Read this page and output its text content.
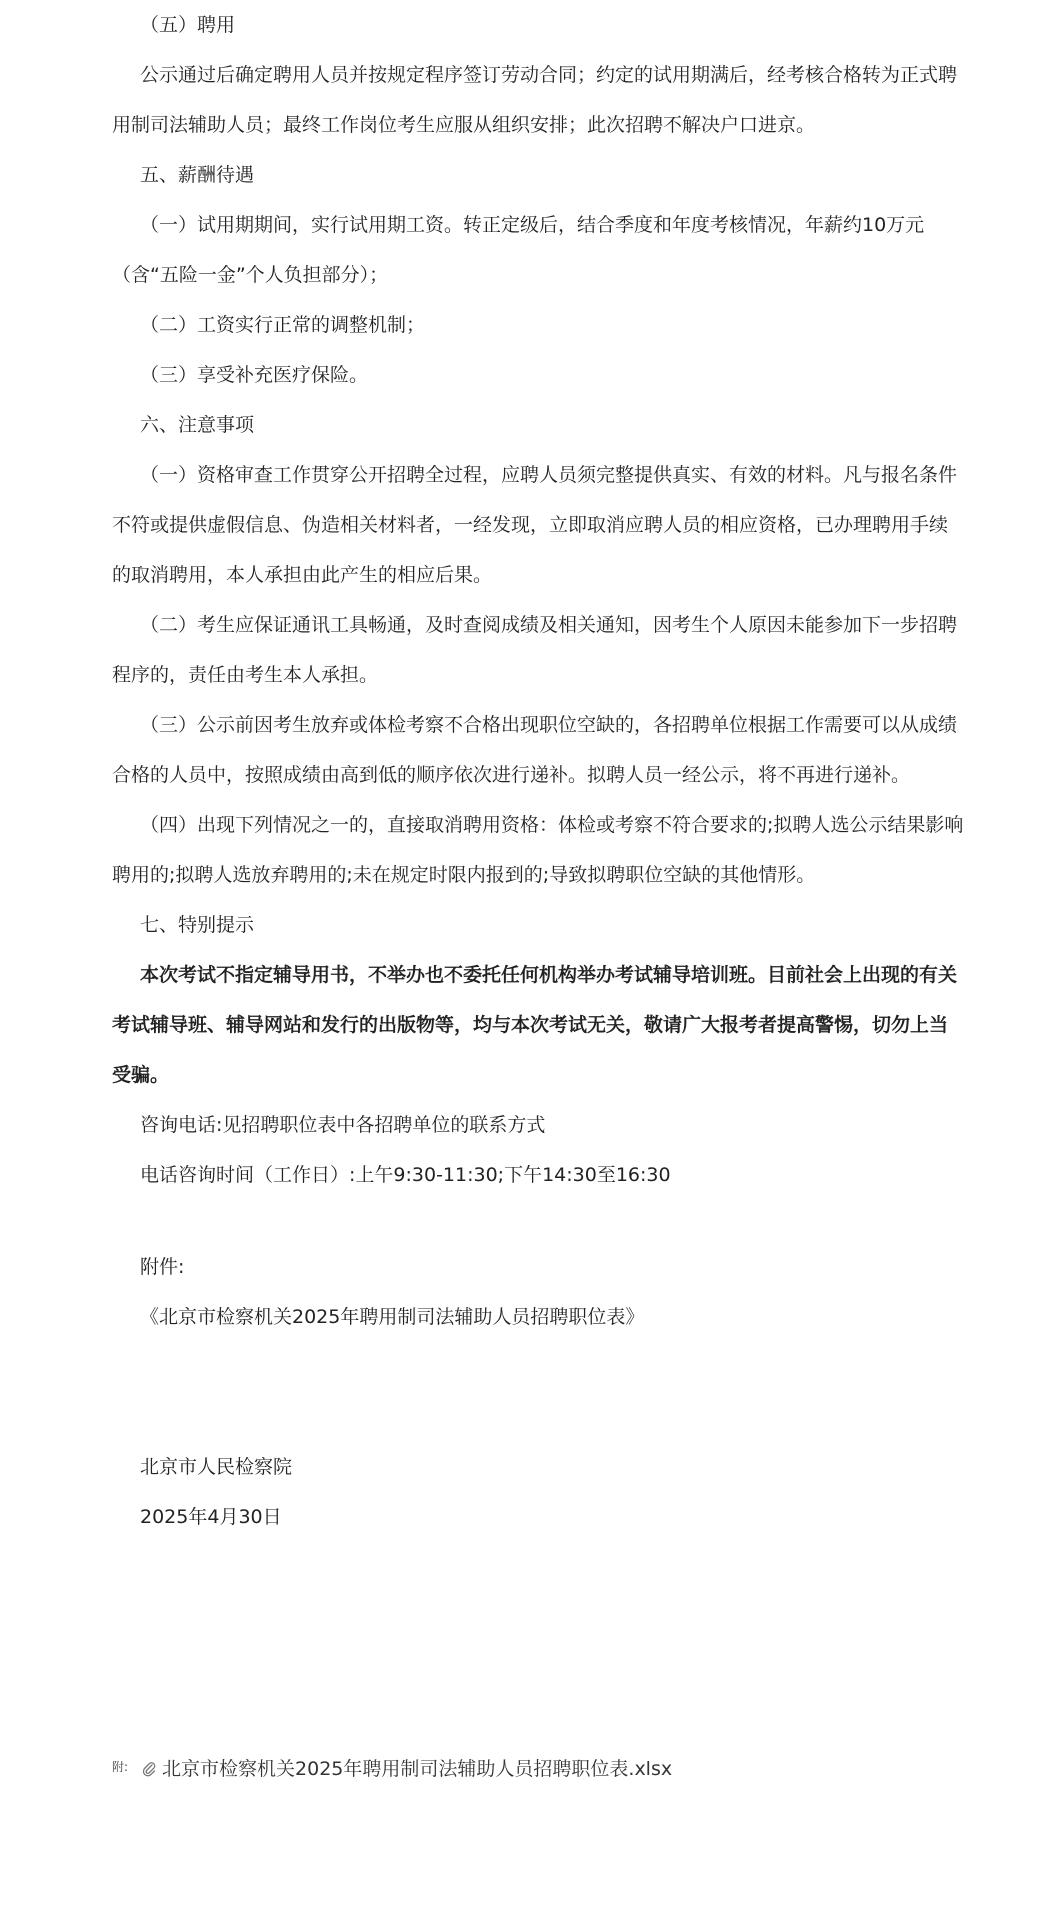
（五）聘用

公示通过后确定聘用人员并按规定程序签订劳动合同；约定的试用期满后，经考核合格转为正式聘用制司法辅助人员；最终工作岗位考生应服从组织安排；此次招聘不解决户口进京。

五、薪酬待遇

（一）试用期期间，实行试用期工资。转正定级后，结合季度和年度考核情况，年薪约10万元（含“五险一金”个人负担部分）；

（二）工资实行正常的调整机制；

（三）享受补充医疗保险。

六、注意事项

（一）资格审查工作贯穿公开招聘全过程，应聘人员须完整提供真实、有效的材料。凡与报名条件不符或提供虚假信息、伪造相关材料者，一经发现，立即取消应聘人员的相应资格，已办理聘用手续的取消聘用，本人承担由此产生的相应后果。

（二）考生应保证通讯工具畅通，及时查阅成绩及相关通知，因考生个人原因未能参加下一步招聘程序的，责任由考生本人承担。

（三）公示前因考生放弃或体检考察不合格出现职位空缺的，各招聘单位根据工作需要可以从成绩合格的人员中，按照成绩由高到低的顺序依次进行递补。拟聘人员一经公示，将不再进行递补。

（四）出现下列情况之一的，直接取消聘用资格：体检或考察不符合要求的;拟聘人选公示结果影响聘用的;拟聘人选放弃聘用的;未在规定时限内报到的;导致拟聘职位空缺的其他情形。

七、特别提示

本次考试不指定辅导用书，不举办也不委托任何机构举办考试辅导培训班。目前社会上出现的有关考试辅导班、辅导网站和发行的出版物等，均与本次考试无关，敬请广大报考者提高警惕，切勿上当受骗。

咨询电话:见招聘职位表中各招聘单位的联系方式

电话咨询时间（工作日）:上午9:30-11:30;下午14:30至16:30

附件:

《北京市检察机关2025年聘用制司法辅助人员招聘职位表》

北京市人民检察院

2025年4月30日

附: 北京市检察机关2025年聘用制司法辅助人员招聘职位表.xlsx
